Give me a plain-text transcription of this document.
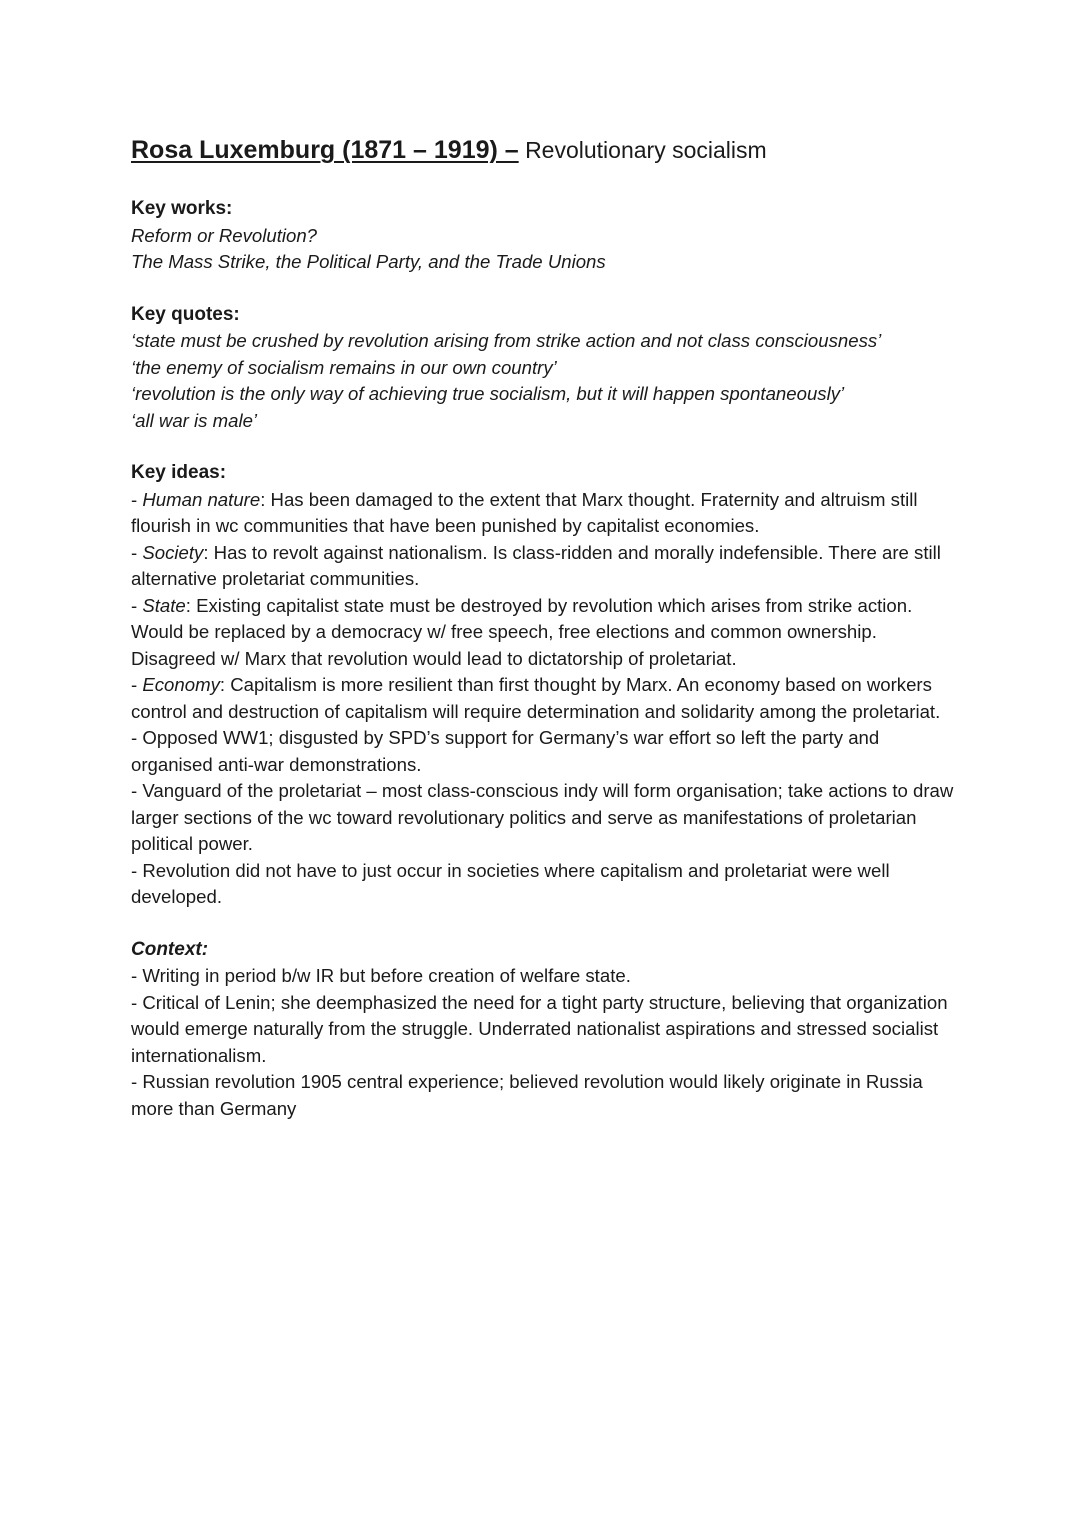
Rosa Luxemburg (1871 – 1919) – Revolutionary socialism
Key works:
Reform or Revolution?
The Mass Strike, the Political Party, and the Trade Unions
Key quotes:
‘state must be crushed by revolution arising from strike action and not class consciousness’
‘the enemy of socialism remains in our own country’
‘revolution is the only way of achieving true socialism, but it will happen spontaneously’
‘all war is male’
Key ideas:
- Human nature: Has been damaged to the extent that Marx thought. Fraternity and altruism still flourish in wc communities that have been punished by capitalist economies.
- Society: Has to revolt against nationalism. Is class-ridden and morally indefensible. There are still alternative proletariat communities.
- State: Existing capitalist state must be destroyed by revolution which arises from strike action. Would be replaced by a democracy w/ free speech, free elections and common ownership. Disagreed w/ Marx that revolution would lead to dictatorship of proletariat.
- Economy: Capitalism is more resilient than first thought by Marx. An economy based on workers control and destruction of capitalism will require determination and solidarity among the proletariat.
- Opposed WW1; disgusted by SPD’s support for Germany’s war effort so left the party and organised anti-war demonstrations.
- Vanguard of the proletariat – most class-conscious indy will form organisation; take actions to draw larger sections of the wc toward revolutionary politics and serve as manifestations of proletarian political power.
- Revolution did not have to just occur in societies where capitalism and proletariat were well developed.
Context:
- Writing in period b/w IR but before creation of welfare state.
- Critical of Lenin; she deemphasized the need for a tight party structure, believing that organization would emerge naturally from the struggle. Underrated nationalist aspirations and stressed socialist internationalism.
- Russian revolution 1905 central experience; believed revolution would likely originate in Russia more than Germany
